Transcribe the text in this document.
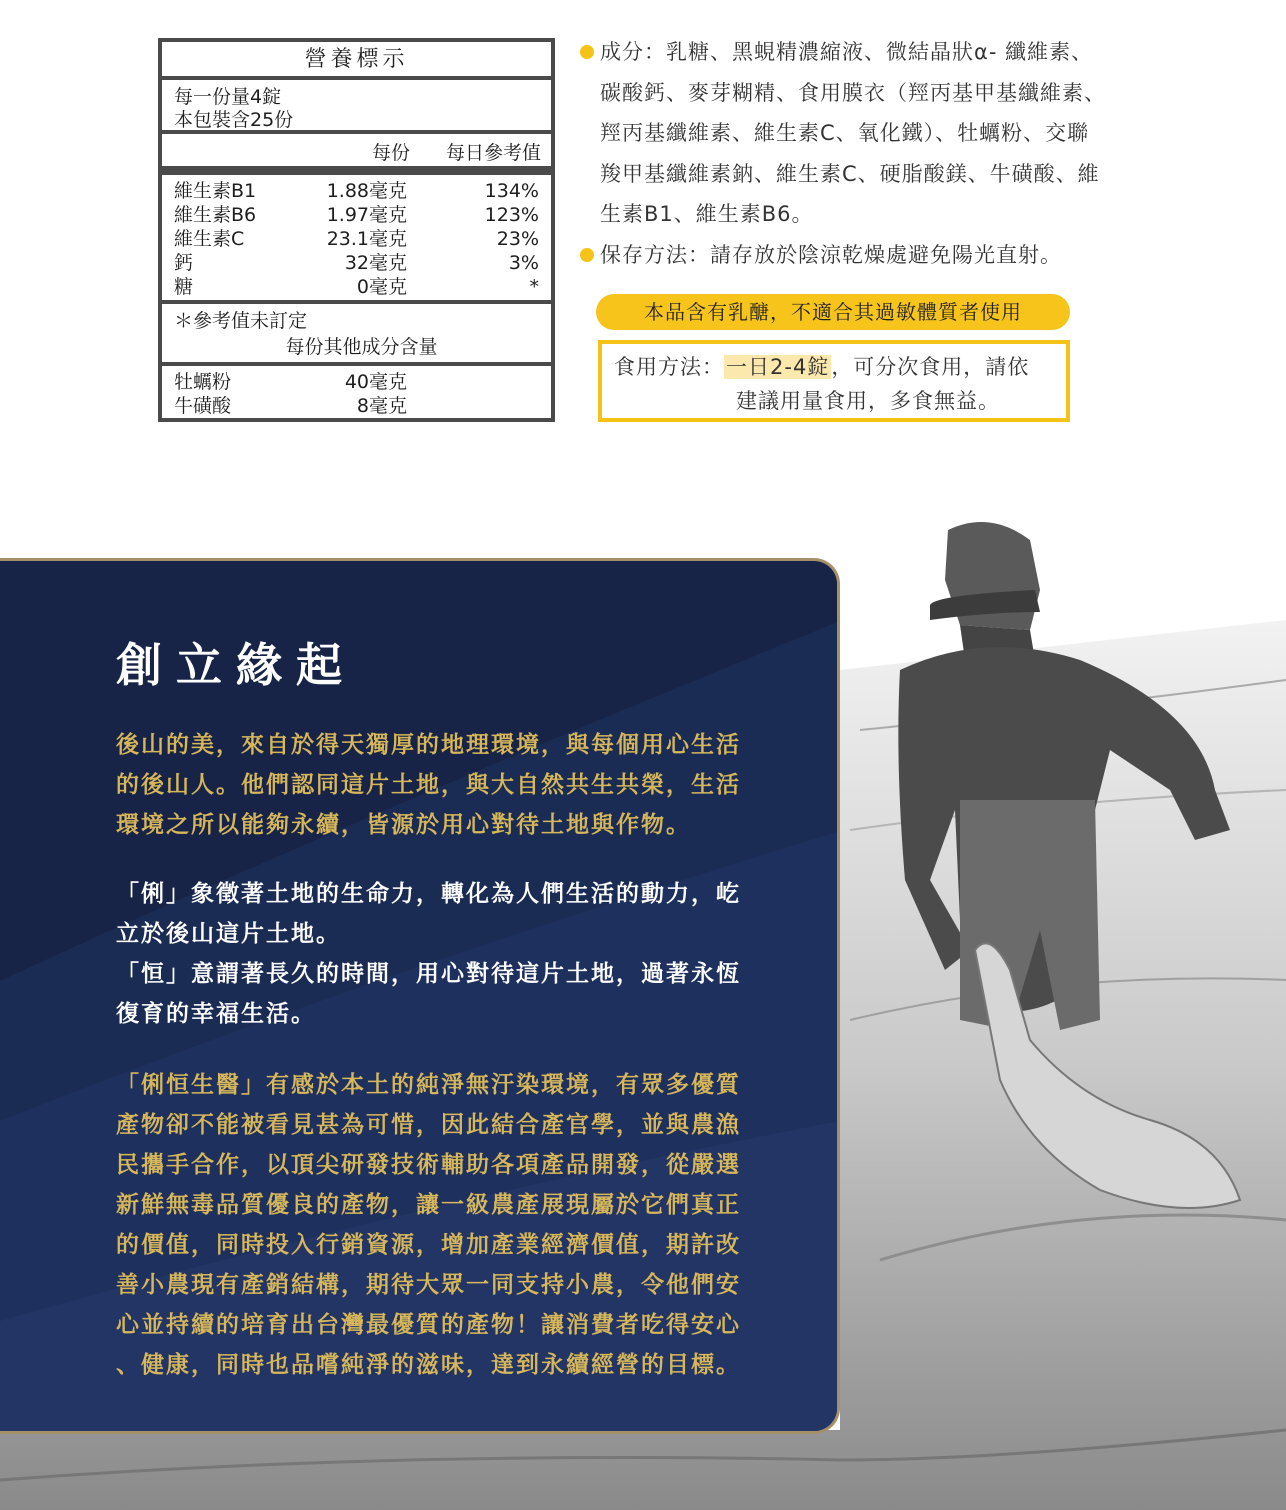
營養標示
每一份量4錠
本包裝含25份
每份 每日參考值
維生素B1	1.88毫克	134%
維生素B6	1.97毫克	123%
維生素C	23.1毫克	23%
鈣	32毫克	3%
糖	0毫克	*
＊參考值未訂定
每份其他成分含量
牡蠣粉	40毫克
牛磺酸	8毫克
成分：乳糖、黑蜆精濃縮液、微結晶狀α- 纖維素、
碳酸鈣、麥芽糊精、食用膜衣（羥丙基甲基纖維素、
羥丙基纖維素、維生素C、氧化鐵）、牡蠣粉、交聯
羧甲基纖維素鈉、維生素C、硬脂酸鎂、牛磺酸、維
生素B1、維生素B6。
保存方法：請存放於陰涼乾燥處避免陽光直射。
本品含有乳醣，不適合其過敏體質者使用
食用方法：一日2-4錠，可分次食用，請依
建議用量食用，多食無益。
創立緣起
後山的美，來自於得天獨厚的地理環境，與每個用心生活
的後山人。他們認同這片土地，與大自然共生共榮，生活
環境之所以能夠永續，皆源於用心對待土地與作物。
「俐」象徵著土地的生命力，轉化為人們生活的動力，屹
立於後山這片土地。
「恒」意謂著長久的時間，用心對待這片土地，過著永恆
復育的幸福生活。
「俐恒生醫」有感於本土的純淨無汙染環境，有眾多優質
產物卻不能被看見甚為可惜，因此結合產官學，並與農漁
民攜手合作，以頂尖研發技術輔助各項產品開發，從嚴選
新鮮無毒品質優良的產物，讓一級農產展現屬於它們真正
的價值，同時投入行銷資源，增加產業經濟價值，期許改
善小農現有產銷結構，期待大眾一同支持小農，令他們安
心並持續的培育出台灣最優質的產物！讓消費者吃得安心
、健康，同時也品嚐純淨的滋味，達到永續經營的目標。
